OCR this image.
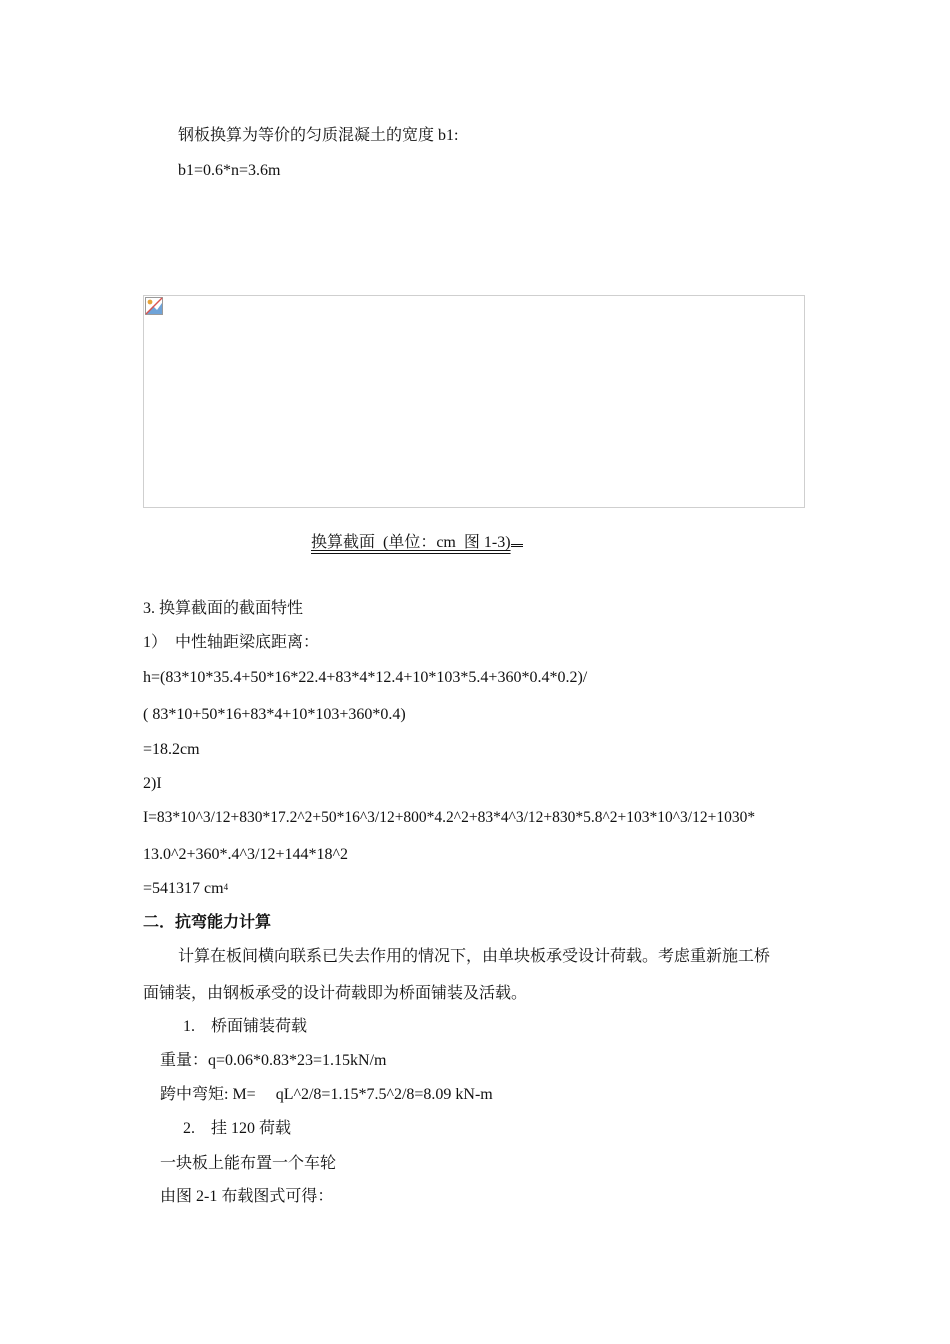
钢板换算为等价的匀质混凝土的宽度 b1:
b1=0.6*n=3.6m
换算截面  (单位：cm  图 1-3)
3. 换算截面的截面特性
1）  中性轴距梁底距离：
h=(83*10*35.4+50*16*22.4+83*4*12.4+10*103*5.4+360*0.4*0.2)/
( 83*10+50*16+83*4+10*103+360*0.4)
=18.2cm
2)I
I=83*10^3/12+830*17.2^2+50*16^3/12+800*4.2^2+83*4^3/12+830*5.8^2+103*10^3/12+1030*
13.0^2+360*.4^3/12+144*18^2
=541317 $cm^4$
二．抗弯能力计算
计算在板间横向联系已失去作用的情况下，由单块板承受设计荷载。考虑重新施工桥
面铺装，由钢板承受的设计荷载即为桥面铺装及活载。
1.    桥面铺装荷载
重量：q=0.06*0.83*23=1.15kN/m
跨中弯矩: M=     qL^2/8=1.15*7.5^2/8=8.09 kN-m
2.    挂 120 荷载
一块板上能布置一个车轮
由图 2-1 布载图式可得：
